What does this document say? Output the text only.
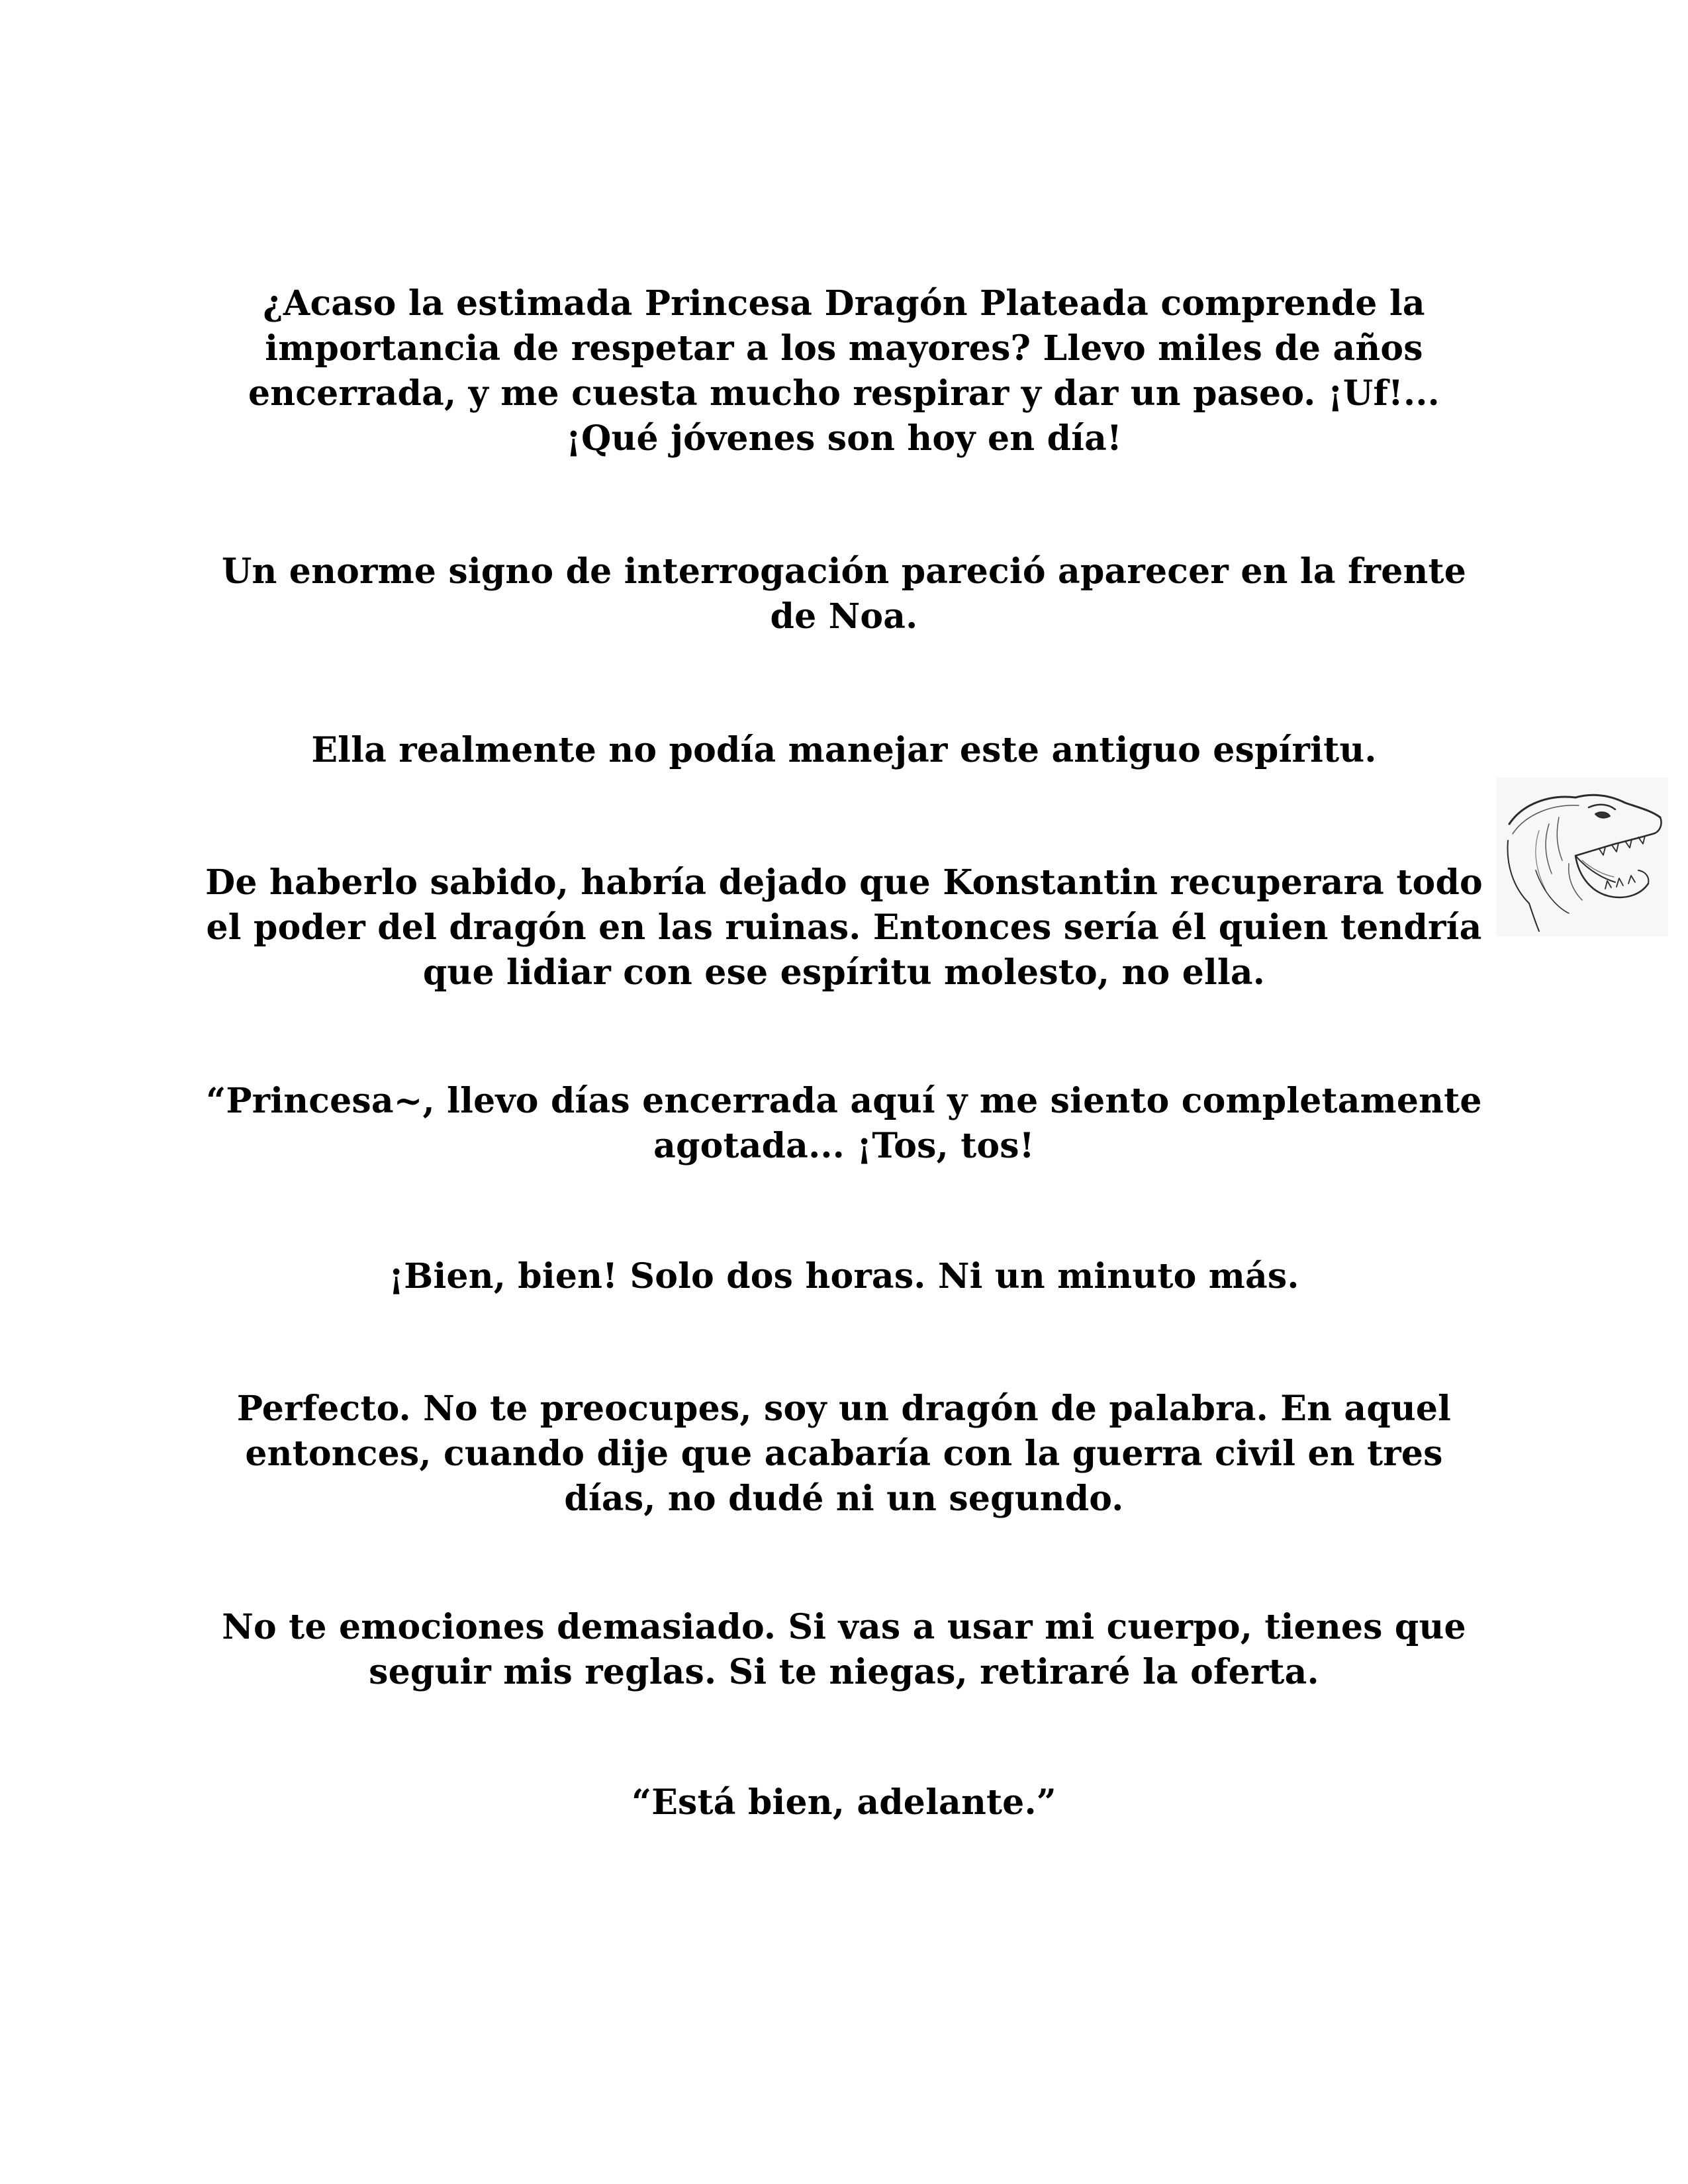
¿Acaso la estimada Princesa Dragón Plateada comprende la importancia de respetar a los mayores? Llevo miles de años encerrada, y me cuesta mucho respirar y dar un paseo. ¡Uf!... ¡Qué jóvenes son hoy en día!

Un enorme signo de interrogación pareció aparecer en la frente de Noa.

Ella realmente no podía manejar este antiguo espíritu.

De haberlo sabido, habría dejado que Konstantin recuperara todo el poder del dragón en las ruinas. Entonces sería él quien tendría que lidiar con ese espíritu molesto, no ella.

“Princesa~, llevo días encerrada aquí y me siento completamente agotada... ¡Tos, tos!

¡Bien, bien! Solo dos horas. Ni un minuto más.

Perfecto. No te preocupes, soy un dragón de palabra. En aquel entonces, cuando dije que acabaría con la guerra civil en tres días, no dudé ni un segundo.

No te emociones demasiado. Si vas a usar mi cuerpo, tienes que seguir mis reglas. Si te niegas, retiraré la oferta.

“Está bien, adelante.”
